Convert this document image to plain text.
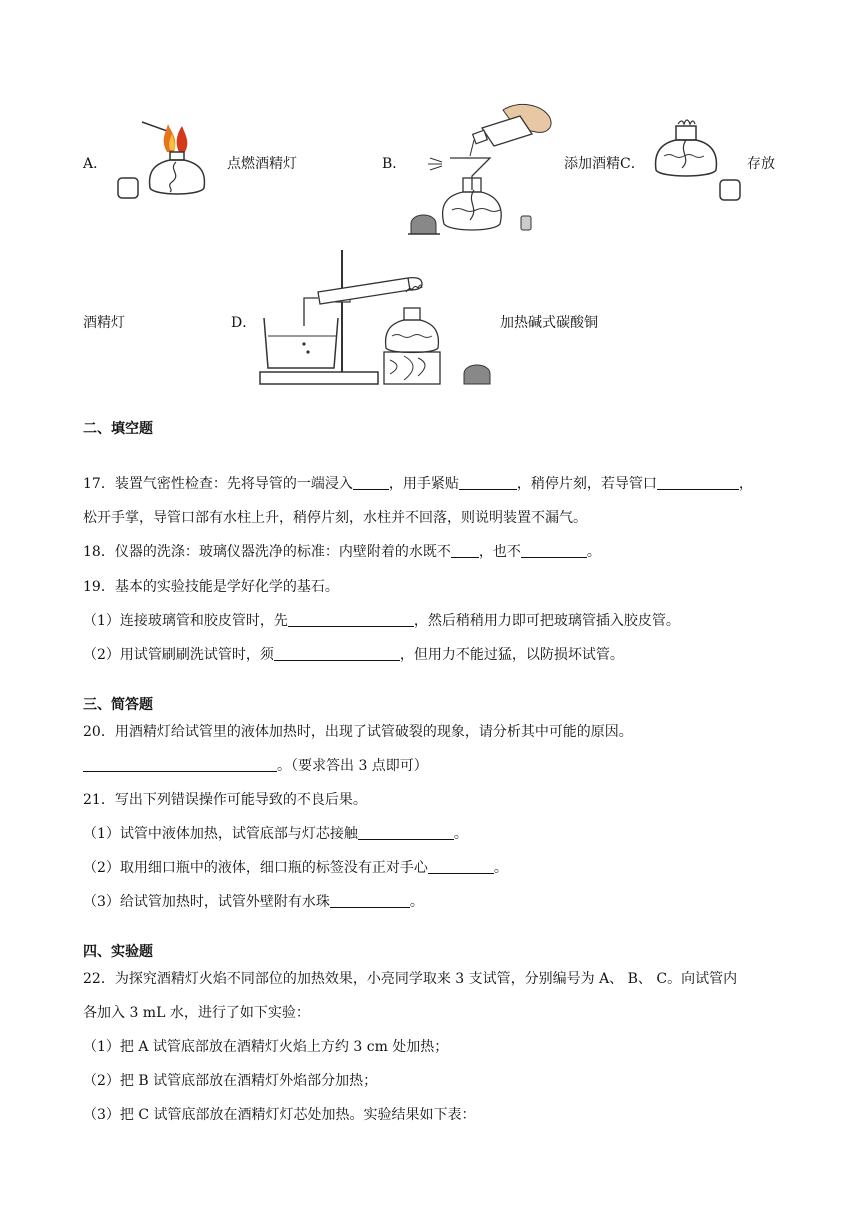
A．	点燃酒精灯	B．	添加酒精 C．	存放
酒精灯	D．	加热碱式碳酸铜
二、填空题
17．装置气密性检查：先将导管的一端浸入	，用手紧贴	，稍停片刻，若导管口	，
松开手掌，导管口部有水柱上升，稍停片刻，水柱并不回落，则说明装置不漏气。
18．仪器的洗涤：玻璃仪器洗净的标准：内壁附着的水既不 ，也不	。
19．基本的实验技能是学好化学的基石。
（1）连接玻璃管和胶皮管时，先	，然后稍稍用力即可把玻璃管插入胶皮管。
（2）用试管刷刷洗试管时，须	，但用力不能过猛，以防损坏试管。
三、简答题
20．用酒精灯给试管里的液体加热时，出现了试管破裂的现象，请分析其中可能的原因。
。（要求答出 3 点即可）
21．写出下列错误操作可能导致的不良后果。
（1）试管中液体加热，试管底部与灯芯接触	。
（2）取用细口瓶中的液体，细口瓶的标签没有正对手心	。
（3）给试管加热时，试管外壁附有水珠	。
四、实验题
22．为探究酒精灯火焰不同部位的加热效果，小亮同学取来 3 支试管，分别编号为 A、 B、 C。向试管内
各加入 3 mL 水，进行了如下实验：
（1）把 A 试管底部放在酒精灯火焰上方约 3 cm 处加热；
（2）把 B 试管底部放在酒精灯外焰部分加热；
（3）把 C 试管底部放在酒精灯灯芯处加热。实验结果如下表：
